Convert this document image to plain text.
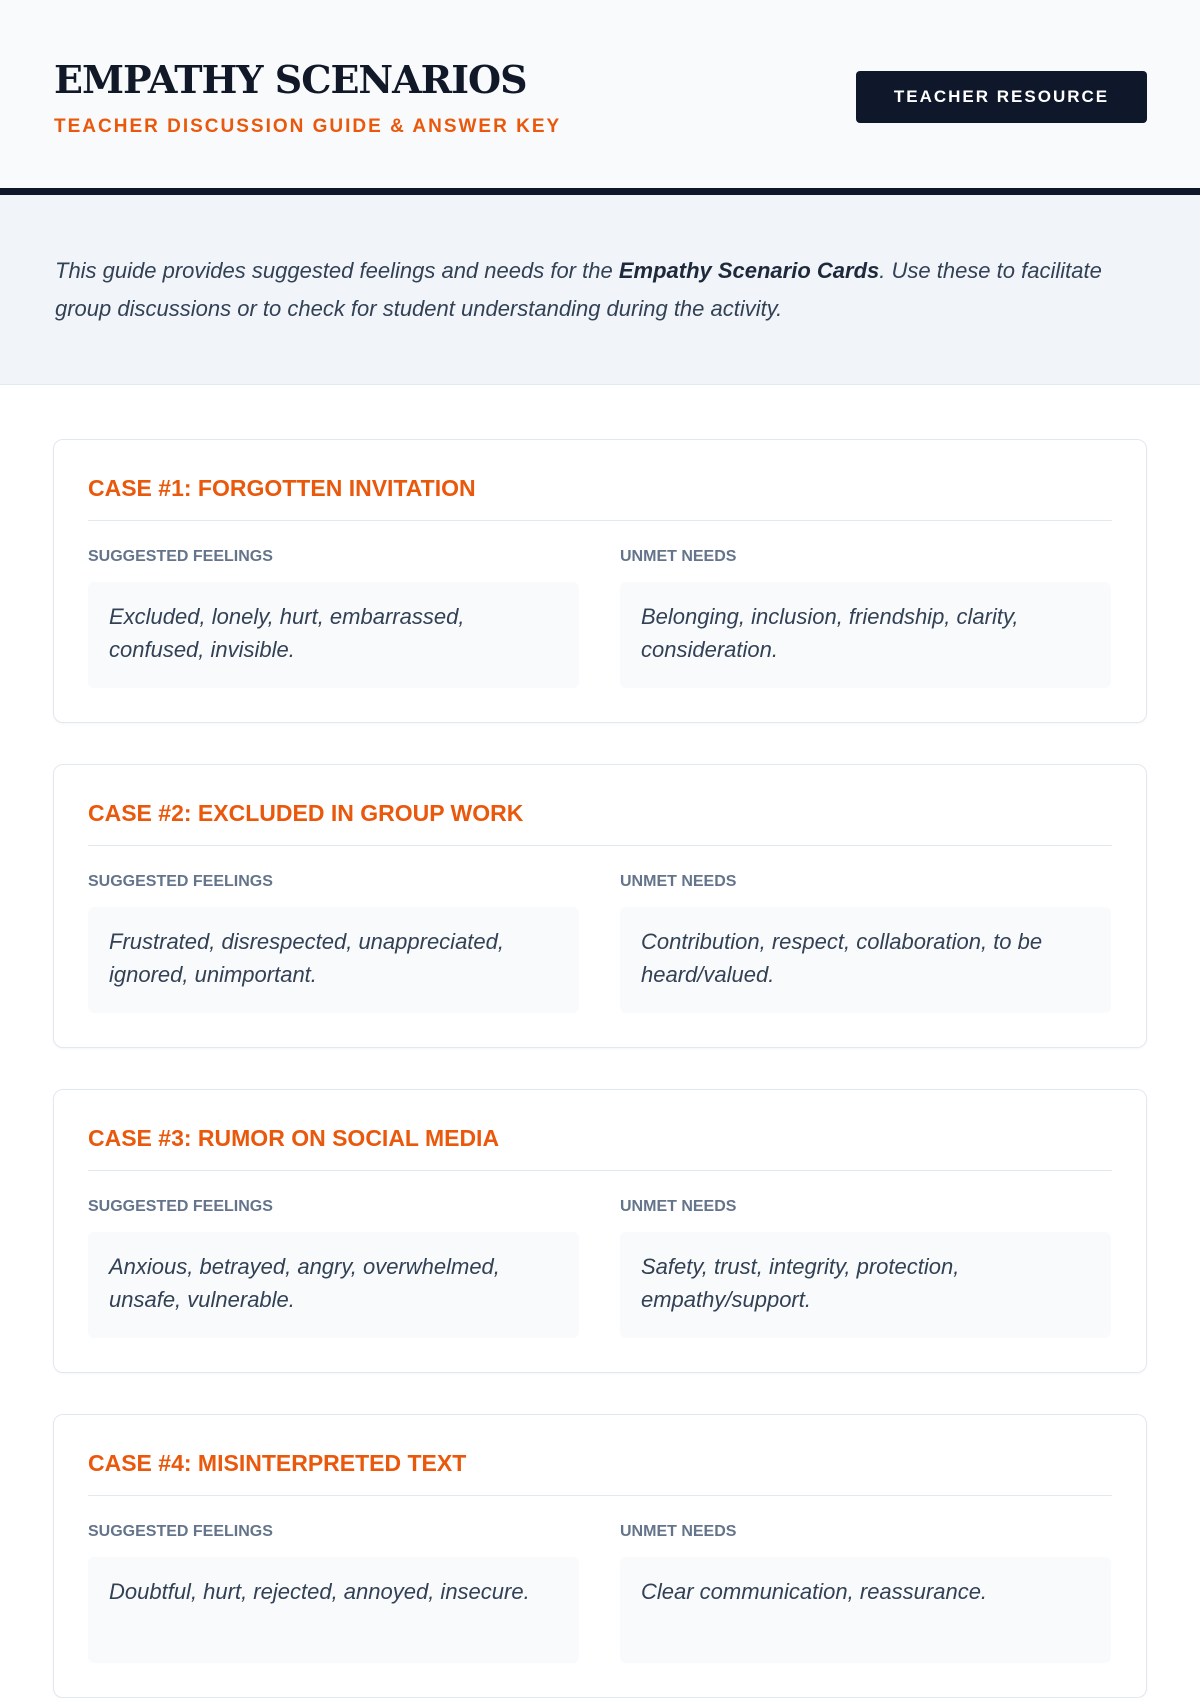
EMPATHY SCENARIOS
TEACHER DISCUSSION GUIDE & ANSWER KEY
TEACHER RESOURCE

This guide provides suggested feelings and needs for the Empathy Scenario Cards. Use these to facilitate group discussions or to check for student understanding during the activity.

CASE #1: FORGOTTEN INVITATION
SUGGESTED FEELINGS
Excluded, lonely, hurt, embarrassed, confused, invisible.
UNMET NEEDS
Belonging, inclusion, friendship, clarity, consideration.
CASE #2: EXCLUDED IN GROUP WORK
SUGGESTED FEELINGS
Frustrated, disrespected, unappreciated, ignored, unimportant.
UNMET NEEDS
Contribution, respect, collaboration, to be heard/valued.
CASE #3: RUMOR ON SOCIAL MEDIA
SUGGESTED FEELINGS
Anxious, betrayed, angry, overwhelmed, unsafe, vulnerable.
UNMET NEEDS
Safety, trust, integrity, protection, empathy/support.
CASE #4: MISINTERPRETED TEXT
SUGGESTED FEELINGS
Doubtful, hurt, rejected, annoyed, insecure.
UNMET NEEDS
Clear communication, reassurance.
